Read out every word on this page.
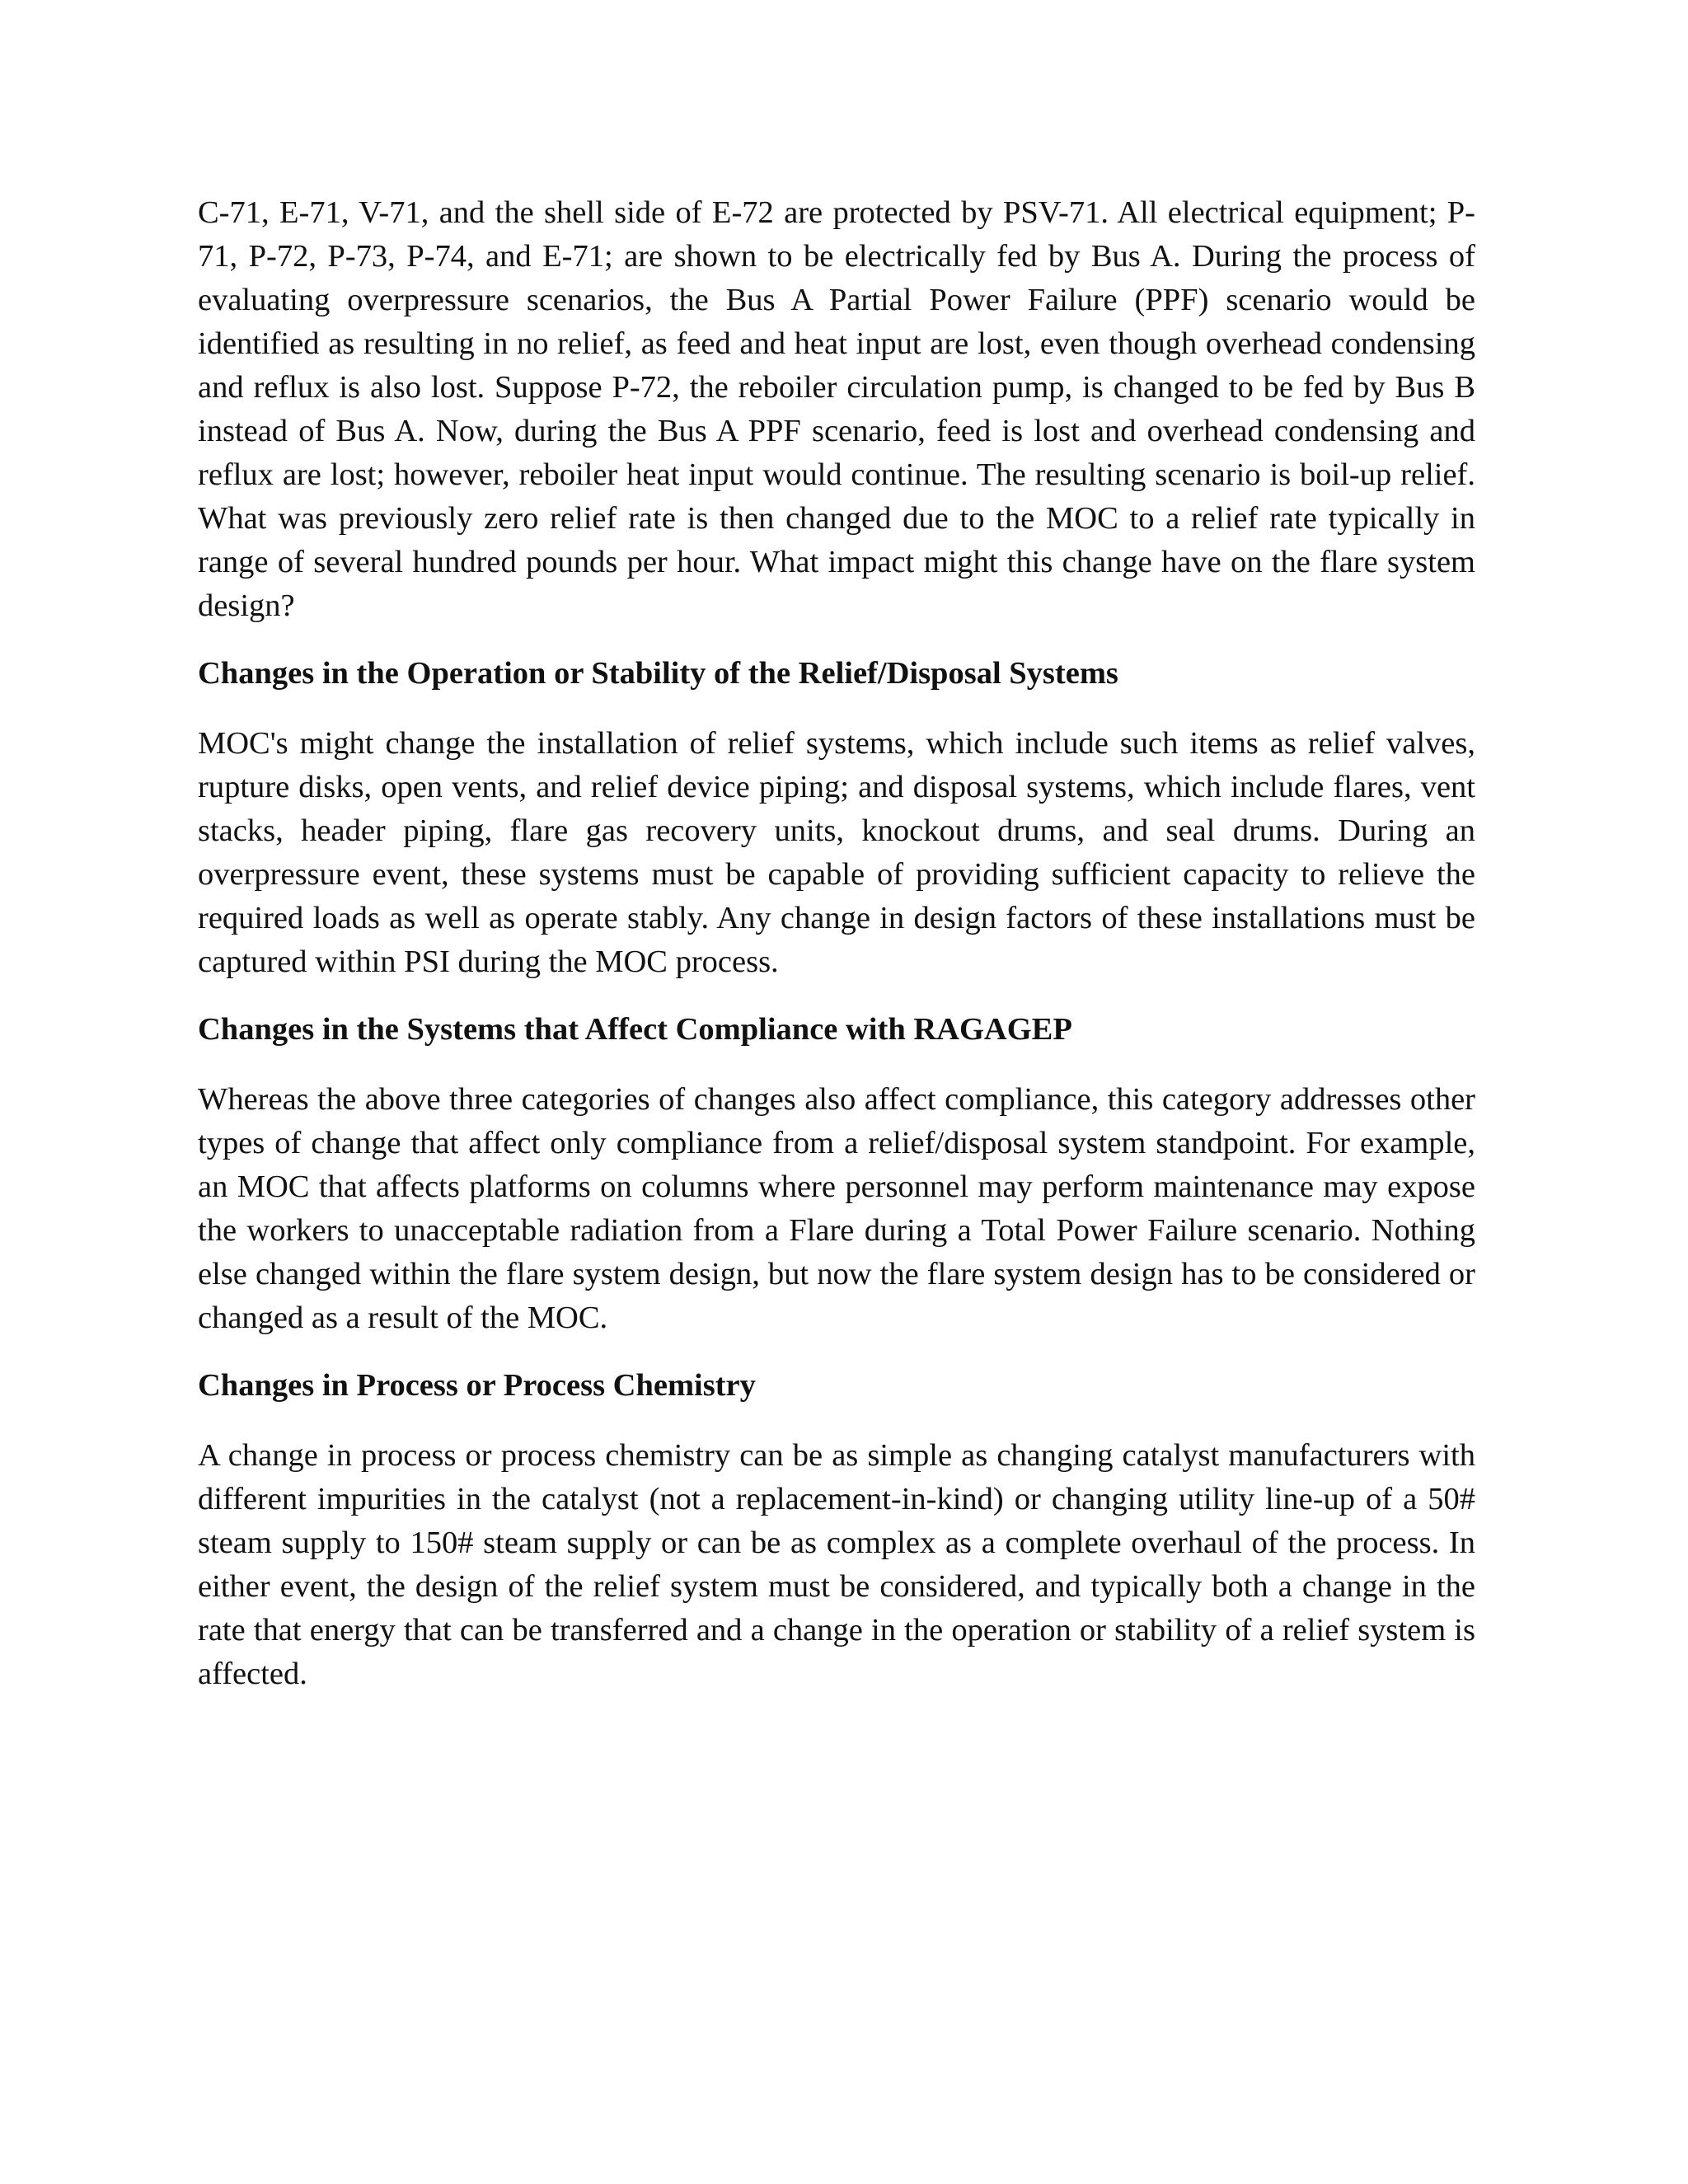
C-71, E-71, V-71, and the shell side of E-72 are protected by PSV-71. All electrical equipment; P-71, P-72, P-73, P-74, and E-71; are shown to be electrically fed by Bus A. During the process of evaluating overpressure scenarios, the Bus A Partial Power Failure (PPF) scenario would be identified as resulting in no relief, as feed and heat input are lost, even though overhead condensing and reflux is also lost. Suppose P-72, the reboiler circulation pump, is changed to be fed by Bus B instead of Bus A. Now, during the Bus A PPF scenario, feed is lost and overhead condensing and reflux are lost; however, reboiler heat input would continue. The resulting scenario is boil-up relief. What was previously zero relief rate is then changed due to the MOC to a relief rate typically in range of several hundred pounds per hour. What impact might this change have on the flare system design?

Changes in the Operation or Stability of the Relief/Disposal Systems

MOC's might change the installation of relief systems, which include such items as relief valves, rupture disks, open vents, and relief device piping; and disposal systems, which include flares, vent stacks, header piping, flare gas recovery units, knockout drums, and seal drums. During an overpressure event, these systems must be capable of providing sufficient capacity to relieve the required loads as well as operate stably. Any change in design factors of these installations must be captured within PSI during the MOC process.

Changes in the Systems that Affect Compliance with RAGAGEP

Whereas the above three categories of changes also affect compliance, this category addresses other types of change that affect only compliance from a relief/disposal system standpoint. For example, an MOC that affects platforms on columns where personnel may perform maintenance may expose the workers to unacceptable radiation from a Flare during a Total Power Failure scenario. Nothing else changed within the flare system design, but now the flare system design has to be considered or changed as a result of the MOC.

Changes in Process or Process Chemistry

A change in process or process chemistry can be as simple as changing catalyst manufacturers with different impurities in the catalyst (not a replacement-in-kind) or changing utility line-up of a 50# steam supply to 150# steam supply or can be as complex as a complete overhaul of the process. In either event, the design of the relief system must be considered, and typically both a change in the rate that energy that can be transferred and a change in the operation or stability of a relief system is affected.
